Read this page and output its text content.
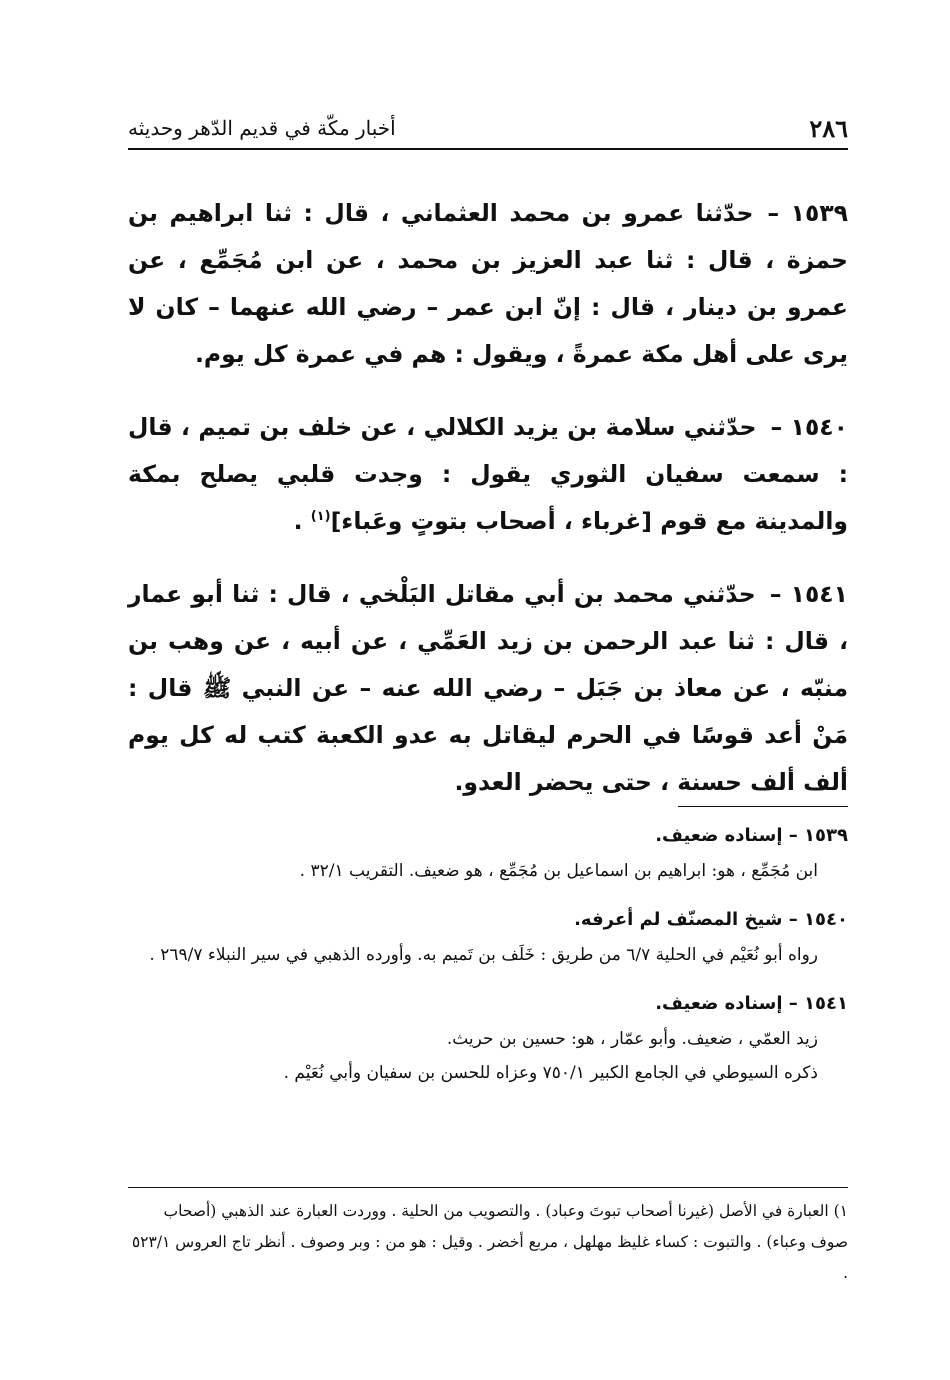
٢٨٦
أخبار مكّة في قديم الدّهر وحديثه

١٥٣٩ –حدّثنا عمرو بن محمد العثماني ، قال : ثنا ابراهيم بن حمزة ، قال : ثنا عبد العزيز بن محمد ، عن ابن مُجَمِّع ، عن عمرو بن دينار ، قال : إنّ ابن عمر – رضي الله عنهما – كان لا يرى على أهل مكة عمرةً ، ويقول : هم في عمرة كل يوم.

١٥٤٠ –حدّثني سلامة بن يزيد الكلالي ، عن خلف بن تميم ، قال : سمعت سفيان الثوري يقول : وجدت قلبي يصلح بمكة والمدينة مع قوم [غرباء ، أصحاب بتوتٍ وعَباء]$^{(١)}$ .

١٥٤١ –حدّثني محمد بن أبي مقاتل البَلْخي ، قال : ثنا أبو عمار ، قال : ثنا عبد الرحمن بن زيد العَمِّي ، عن أبيه ، عن وهب بن منبّه ، عن معاذ بن جَبَل – رضي الله عنه – عن النبي ﷺ قال : مَنْ أعد قوسًا في الحرم ليقاتل به عدو الكعبة كتب له كل يوم ألف ألف حسنة ، حتى يحضر العدو.

١٥٣٩ – إسناده ضعيف.
ابن مُجَمِّع ، هو: ابراهيم بن اسماعيل بن مُجَمِّع ، هو ضعيف. التقريب ٣٢/١ .
١٥٤٠ – شيخ المصنّف لم أعرفه.
رواه أبو نُعَيْم في الحلية ٦/٧ من طريق : خَلَف بن تَميم به. وأورده الذهبي في سير النبلاء ٢٦٩/٧ .
١٥٤١ – إسناده ضعيف.
زيد العمّي ، ضعيف. وأبو عمّار ، هو: حسين بن حريث.
ذكره السيوطي في الجامع الكبير ٧٥٠/١ وعزاه للحسن بن سفيان وأبي نُعَيْم .
١) العبارة في الأصل (غيرنا أصحاب تبوتَ وعباد) . والتصويب من الحلية . ووردت العبارة عند الذهبي (أصحاب صوف وعباء) . والتبوت : كساء غليظ مهلهل ، مربع أخضر . وقيل : هو من : وبر وصوف . أنظر تاج العروس ٥٢٣/١ .
